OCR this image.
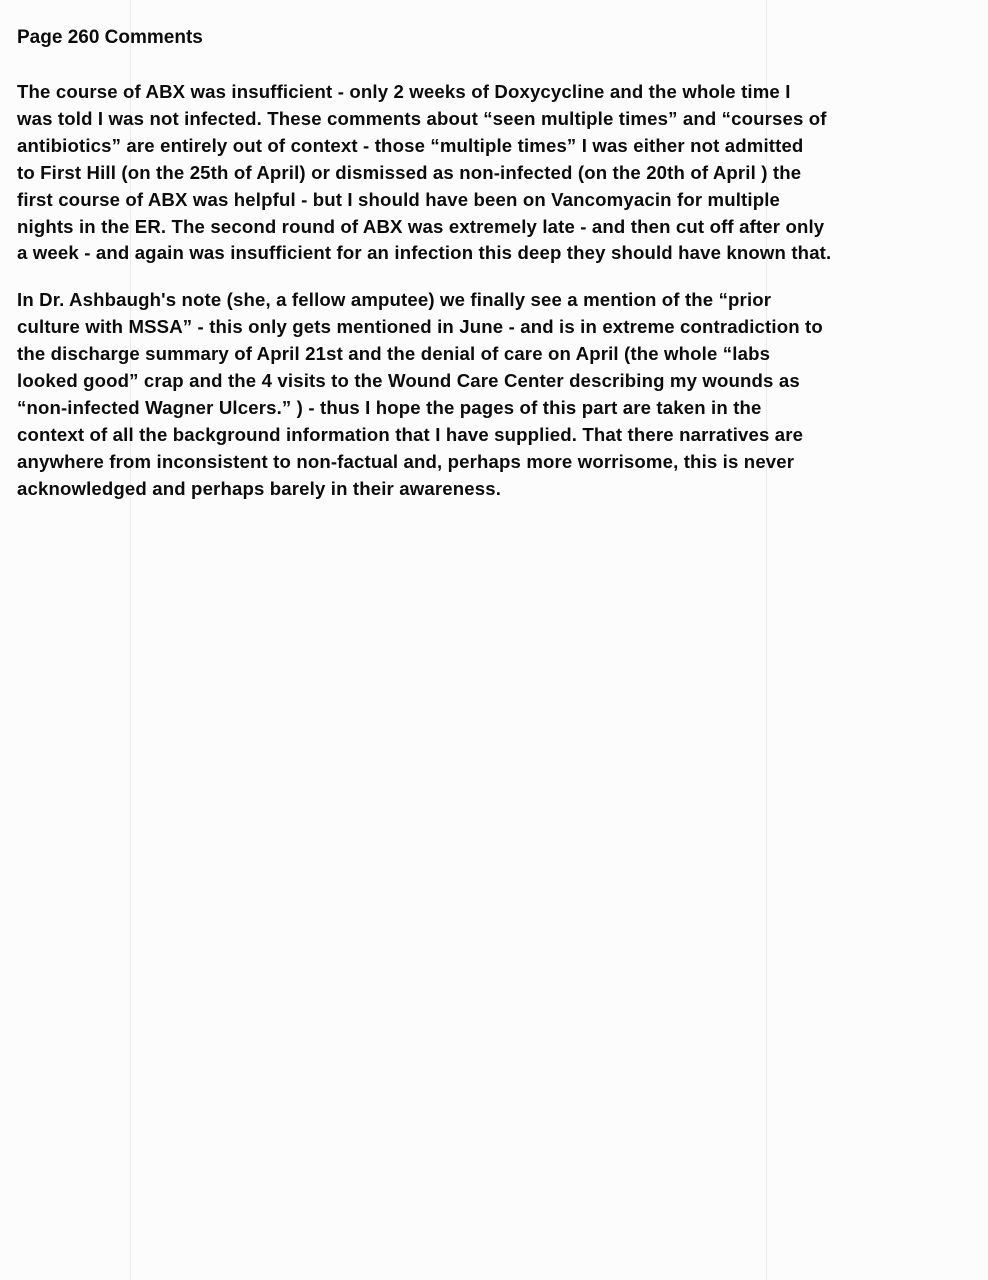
Page 260 Comments
The course of ABX was insufficient - only 2 weeks of Doxycycline and the whole time I
was told I was not infected. These comments about “seen multiple times” and “courses of
antibiotics” are entirely out of context - those “multiple times” I was either not admitted
to First Hill (on the 25th of April) or dismissed as non-infected (on the 20th of April ) the
first course of ABX was helpful - but I should have been on Vancomyacin for multiple
nights in the ER. The second round of ABX was extremely late - and then cut off after only
a week - and again was insufficient for an infection this deep they should have known that.
In Dr. Ashbaugh's note (she, a fellow amputee) we finally see a mention of the “prior
culture with MSSA” - this only gets mentioned in June - and is in extreme contradiction to
the discharge summary of April 21st and the denial of care on April (the whole “labs
looked good” crap and the 4 visits to the Wound Care Center describing my wounds as
“non-infected Wagner Ulcers.” ) - thus I hope the pages of this part are taken in the
context of all the background information that I have supplied. That there narratives are
anywhere from inconsistent to non-factual and, perhaps more worrisome, this is never
acknowledged and perhaps barely in their awareness.
